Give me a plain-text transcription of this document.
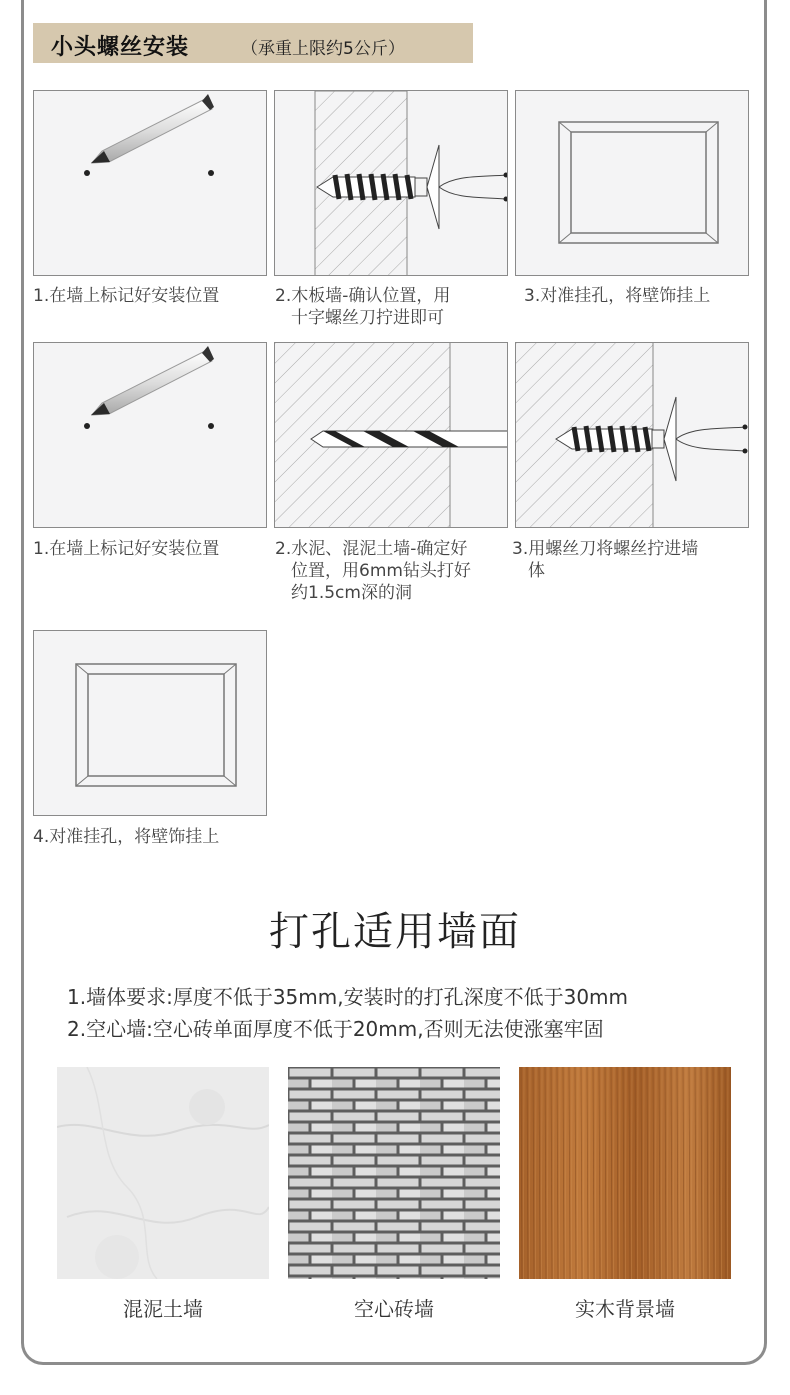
小头螺丝安装	（承重上限约5公斤）
1.在墙上标记好安装位置	2.木板墙-确认位置，用
十字螺丝刀拧进即可
3.对准挂孔，将壁饰挂上
1.在墙上标记好安装位置	2.水泥、混泥土墙-确定好
位置，用6mm钻头打好
约1.5cm深的洞
3.用螺丝刀将螺丝拧进墙
体
4.对准挂孔，将壁饰挂上
打孔适用墙面
1.墙体要求:厚度不低于35mm,安装时的打孔深度不低于30mm
2.空心墙:空心砖单面厚度不低于20mm,否则无法使涨塞牢固
混泥土墙	空心砖墙	实木背景墙
